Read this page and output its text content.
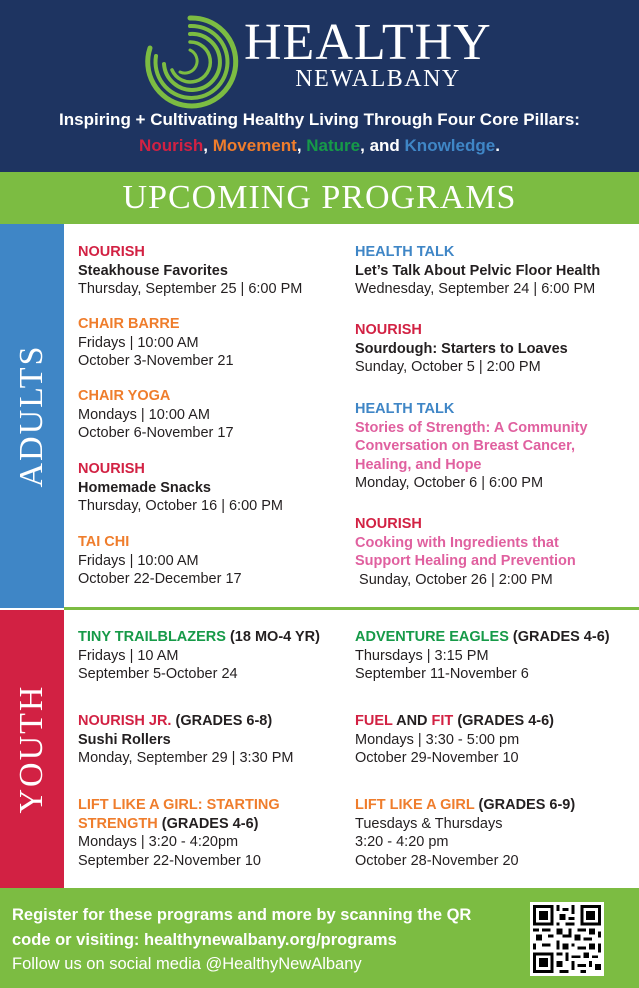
HEALTHY
NEWALBANY
Inspiring + Cultivating Healthy Living Through Four Core Pillars:
Nourish, Movement, Nature, and Knowledge.
UPCOMING PROGRAMS
ADULTS
YOUTH
NOURISH
Steakhouse Favorites
Thursday, September 25 | 6:00 PM
CHAIR BARRE
Fridays | 10:00 AM
October 3-November 21
CHAIR YOGA
Mondays | 10:00 AM
October 6-November 17
NOURISH
Homemade Snacks
Thursday, October 16 | 6:00 PM
TAI CHI
Fridays | 10:00 AM
October 22-December 17
HEALTH TALK
Let’s Talk About Pelvic Floor Health
Wednesday, September 24 | 6:00 PM
NOURISH
Sourdough: Starters to Loaves
Sunday, October 5 | 2:00 PM
HEALTH TALK
Stories of Strength: A Community
Conversation on Breast Cancer,
Healing, and Hope
Monday, October 6 | 6:00 PM
NOURISH
Cooking with Ingredients that
Support Healing and Prevention
Sunday, October 26 | 2:00 PM
TINY TRAILBLAZERS (18 MO-4 YR)
Fridays | 10 AM
September 5-October 24
NOURISH JR. (GRADES 6-8)
Sushi Rollers
Monday, September 29 | 3:30 PM
LIFT LIKE A GIRL: STARTING
STRENGTH (GRADES 4-6)
Mondays | 3:20 - 4:20pm
September 22-November 10
ADVENTURE EAGLES (GRADES 4-6)
Thursdays | 3:15 PM
September 11-November 6
FUEL AND FIT (GRADES 4-6)
Mondays | 3:30 - 5:00 pm
October 29-November 10
LIFT LIKE A GIRL (GRADES 6-9)
Tuesdays & Thursdays
3:20 - 4:20 pm
October 28-November 20
Register for these programs and more by scanning the QR
code or visiting: healthynewalbany.org/programs
Follow us on social media @HealthyNewAlbany
